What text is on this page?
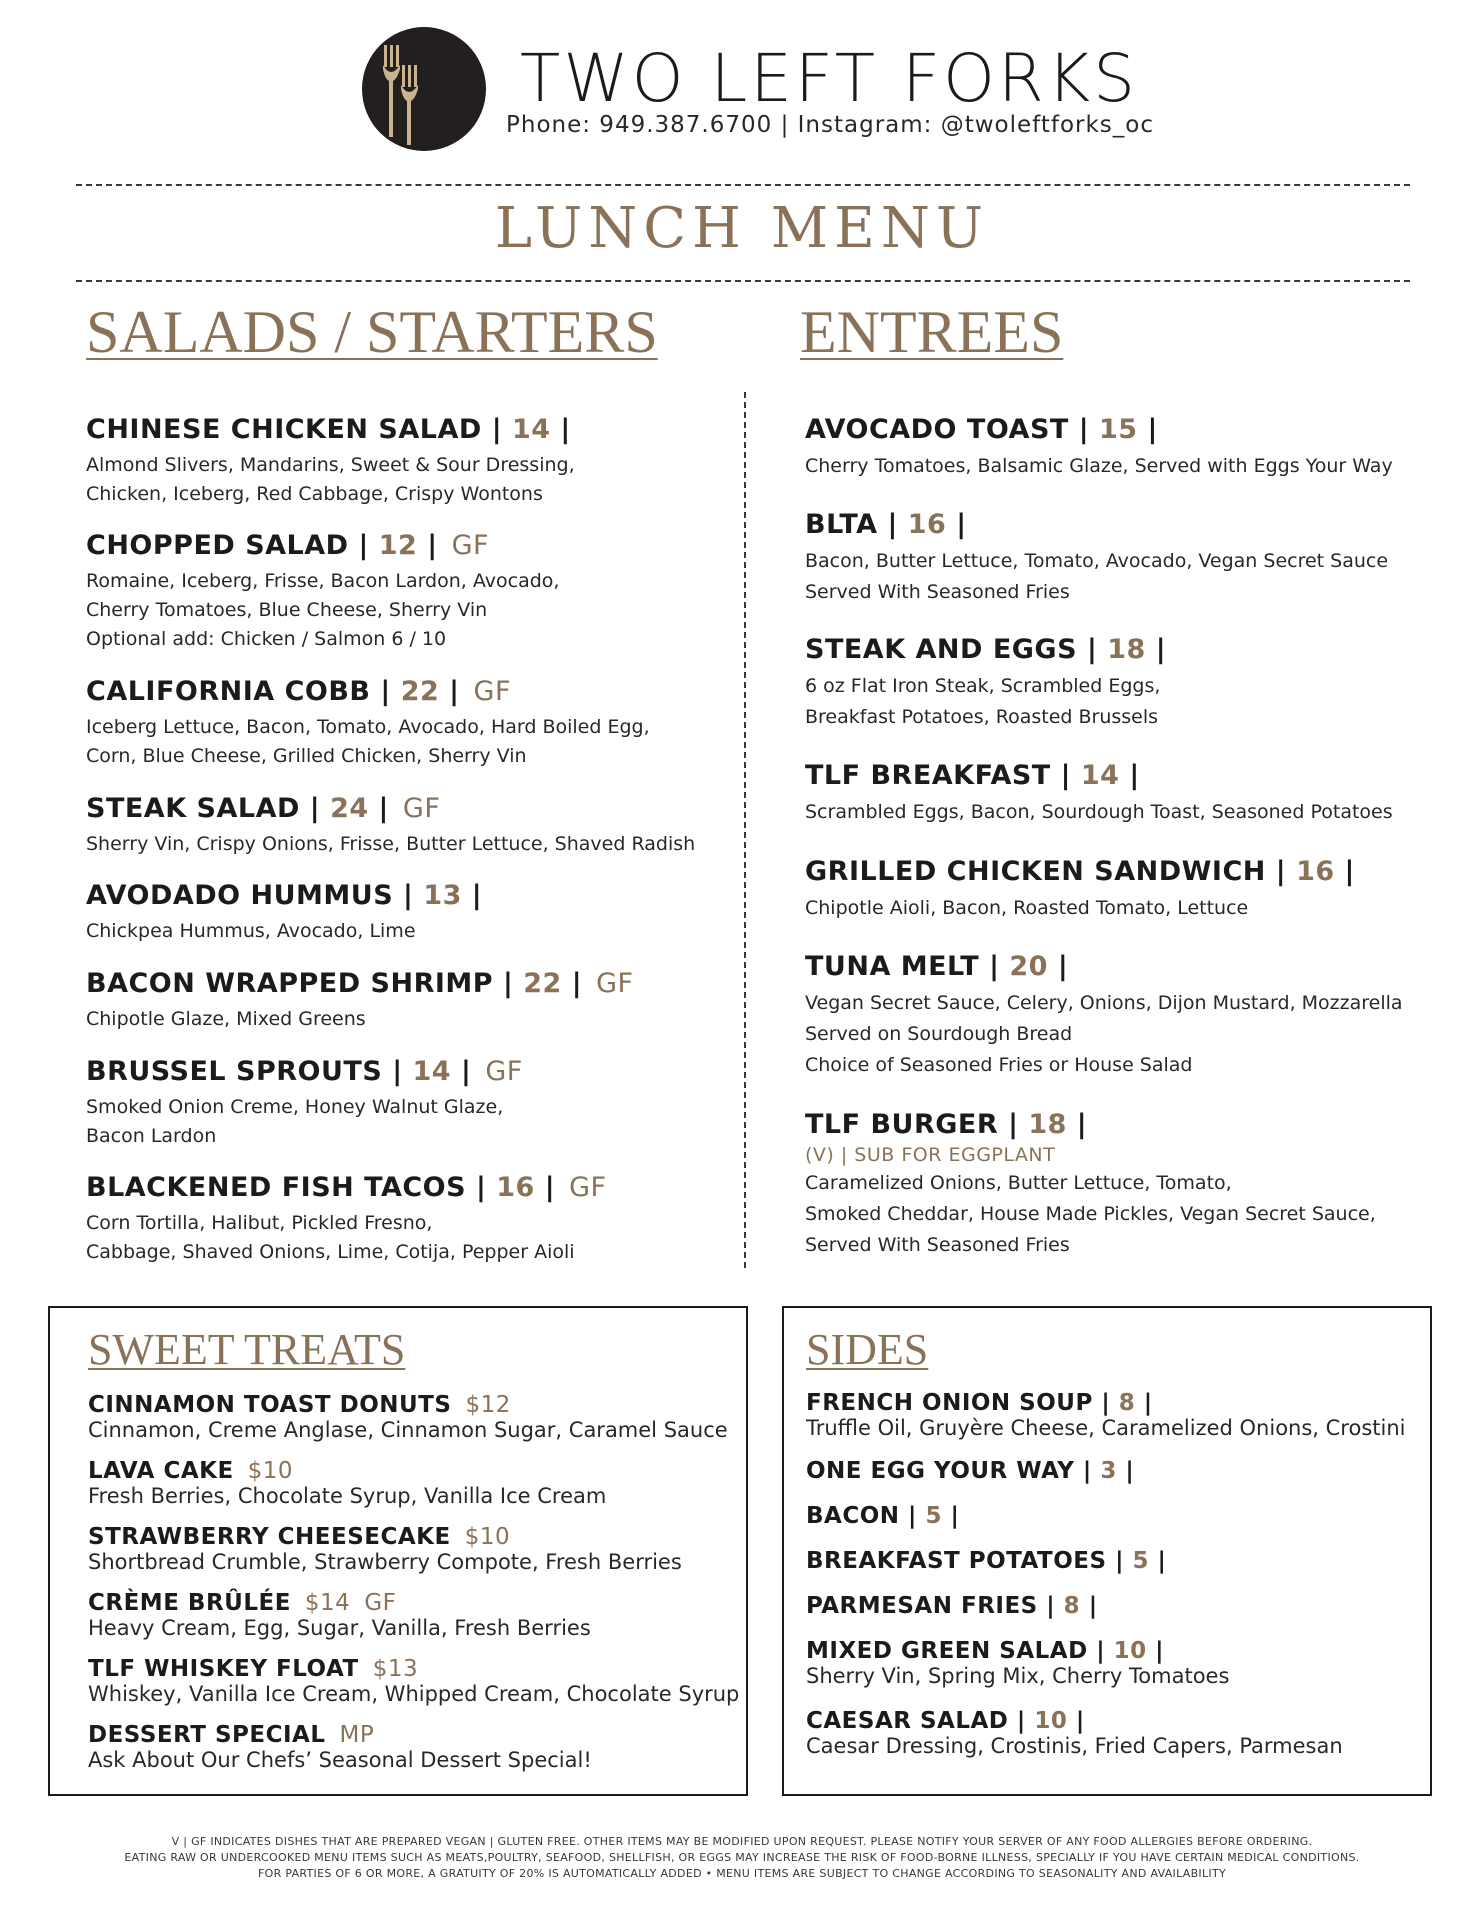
TWO LEFT FORKS
Phone: 949.387.6700 | Instagram: @twoleftforks_oc
LUNCH MENU
SALADS / STARTERS
CHINESE CHICKEN SALAD | 14 |
Almond Slivers, Mandarins, Sweet & Sour Dressing,
Chicken, Iceberg, Red Cabbage, Crispy Wontons
CHOPPED SALAD | 12 | GF
Romaine, Iceberg, Frisse, Bacon Lardon, Avocado,
Cherry Tomatoes, Blue Cheese, Sherry Vin
Optional add: Chicken / Salmon 6 / 10
CALIFORNIA COBB | 22 | GF
Iceberg Lettuce, Bacon, Tomato, Avocado, Hard Boiled Egg,
Corn, Blue Cheese, Grilled Chicken, Sherry Vin
STEAK SALAD | 24 | GF
Sherry Vin, Crispy Onions, Frisse, Butter Lettuce, Shaved Radish
AVODADO HUMMUS | 13 |
Chickpea Hummus, Avocado, Lime
BACON WRAPPED SHRIMP | 22 | GF
Chipotle Glaze, Mixed Greens
BRUSSEL SPROUTS | 14 | GF
Smoked Onion Creme, Honey Walnut Glaze,
Bacon Lardon
BLACKENED FISH TACOS | 16 | GF
Corn Tortilla, Halibut, Pickled Fresno,
Cabbage, Shaved Onions, Lime, Cotija, Pepper Aioli
ENTREES
AVOCADO TOAST | 15 |
Cherry Tomatoes, Balsamic Glaze, Served with Eggs Your Way
BLTA | 16 |
Bacon, Butter Lettuce, Tomato, Avocado, Vegan Secret Sauce
Served With Seasoned Fries
STEAK AND EGGS | 18 |
6 oz Flat Iron Steak, Scrambled Eggs,
Breakfast Potatoes, Roasted Brussels
TLF BREAKFAST | 14 |
Scrambled Eggs, Bacon, Sourdough Toast, Seasoned Potatoes
GRILLED CHICKEN SANDWICH | 16 |
Chipotle Aioli, Bacon, Roasted Tomato, Lettuce
TUNA MELT | 20 |
Vegan Secret Sauce, Celery, Onions, Dijon Mustard, Mozzarella
Served on Sourdough Bread
Choice of Seasoned Fries or House Salad
TLF BURGER | 18 |
(V) | SUB FOR EGGPLANT
Caramelized Onions, Butter Lettuce, Tomato,
Smoked Cheddar, House Made Pickles, Vegan Secret Sauce,
Served With Seasoned Fries
SWEET TREATS
CINNAMON TOAST DONUTS $12
Cinnamon, Creme Anglase, Cinnamon Sugar, Caramel Sauce
LAVA CAKE $10
Fresh Berries, Chocolate Syrup, Vanilla Ice Cream
STRAWBERRY CHEESECAKE $10
Shortbread Crumble, Strawberry Compote, Fresh Berries
CRÈME BRÛLÉE $14 GF
Heavy Cream, Egg, Sugar, Vanilla, Fresh Berries
TLF WHISKEY FLOAT $13
Whiskey, Vanilla Ice Cream, Whipped Cream, Chocolate Syrup
DESSERT SPECIAL MP
Ask About Our Chefs’ Seasonal Dessert Special!
SIDES
FRENCH ONION SOUP | 8 |
Truffle Oil, Gruyère Cheese, Caramelized Onions, Crostini
ONE EGG YOUR WAY | 3 |
BACON | 5 |
BREAKFAST POTATOES | 5 |
PARMESAN FRIES | 8 |
MIXED GREEN SALAD | 10 |
Sherry Vin, Spring Mix, Cherry Tomatoes
CAESAR SALAD | 10 |
Caesar Dressing, Crostinis, Fried Capers, Parmesan
V | GF INDICATES DISHES THAT ARE PREPARED VEGAN | GLUTEN FREE. OTHER ITEMS MAY BE MODIFIED UPON REQUEST. PLEASE NOTIFY YOUR SERVER OF ANY FOOD ALLERGIES BEFORE ORDERING.
EATING RAW OR UNDERCOOKED MENU ITEMS SUCH AS MEATS,POULTRY, SEAFOOD, SHELLFISH, OR EGGS MAY INCREASE THE RISK OF FOOD-BORNE ILLNESS, SPECIALLY IF YOU HAVE CERTAIN MEDICAL CONDITIONS.
FOR PARTIES OF 6 OR MORE, A GRATUITY OF 20% IS AUTOMATICALLY ADDED • MENU ITEMS ARE SUBJECT TO CHANGE ACCORDING TO SEASONALITY AND AVAILABILITY
